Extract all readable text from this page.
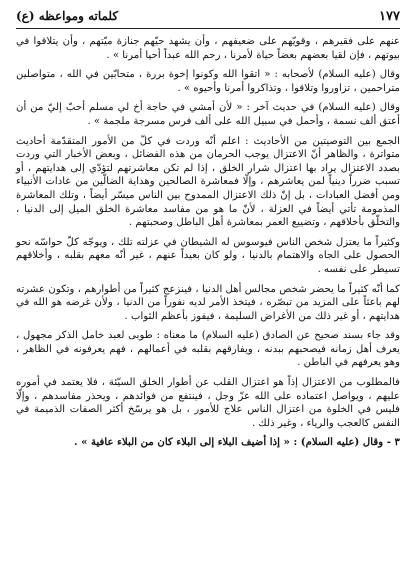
١٧٧
كلماته ومواعظه (ع)

عنهم على فقيرهم ، وقويّهم على ضعيفهم ، وأن يشهد حيّهم جنازة ميّتهم ، وأن يتلاقوا في بيوتهم ، فإن لقيا بعضهم بعضاً حياة لأمرنا ، رحم الله عبداً أحيا أمرنا » .

وقال (عليه السلام) لأصحابه : « اتقوا الله وكونوا إخوة بررة ، متحابّين في الله ، متواصلين متراحمين ، تزاوروا وتلاقوا ، وتذاكروا أمرنا وأحيوه » .

وقال (عليه السلام) في حديث آخر : « لأن أمشي في حاجة أخ لي مسلم أحبّ إليّ من أن أعتق ألف نسمة ، وأحمل في سبيل الله على ألف فرس مسرجة ملجمة » .

الجمع بين التوصيتين من الأحاديث : اعلم أنّه وردت في كلّ من الأمور المتقدّمة أحاديث متواترة ، والظاهر أنّ الاعتزال يوجب الحرمان من هذه الفضائل ، وبعض الأخبار التي وردت بصدد الاعتزال يراد بها اعتزال شرار الخلق ، إذا لم تكن معاشرتهم لتؤدّي إلى هدايتهم ، أو تسبب ضرراً دينياً لمن يعاشرهم ، وإلّا فمعاشرة الصالحين وهداية الضالّين من عادات الأنبياء ومن أفضل العبادات ، بل إنّ ذلك الاعتزال الممدوح بين الناس ميسّر أيضاً ، وتلك المعاشرة المذمومة تأتي أيضاً في العزلة ، لأنّ ما هو من مفاسد معاشرة الخلق الميل إلى الدنيا ، والتخلّق بأخلاقهم ، وتضييع العمر بمعاشرة أهل الباطل وصحبتهم .

وكثيراً ما يعتزل شخص الناس فيوسوس له الشيطان في عزلته تلك ، ويوجّه كلّ حواسّه نحو الحصول على الجاه والاهتمام بالدنيا ، ولو كان بعيداً عنهم ، غير أنّه معهم بقلبه ، وأخلاقهم تسيطر على نفسه .

كما أنّه كثيراً ما يحضر شخص مجالس أهل الدنيا ، فينزعج كثيراً من أطوارهم ، وتكون عشرته لهم باعثاً على المزيد من تبصّره ، فيتخذ الأمر لديه نفوراً من الدنيا ، ولأن غرضه هو الله في هدايتهم ، أو غير ذلك من الأغراض السليمة ، فيفوز بأعظم الثواب .

وقد جاء بسند صحيح عن الصادق (عليه السلام) ما معناه : طوبى لعبد خامل الذكر مجهول ، يعرف أهل زمانه فيصحبهم ببدنه ، ويفارقهم بقلبه في أعمالهم ، فهم يعرفونه في الظاهر ، وهو يعرفهم في الباطن .

فالمطلوب من الاعتزال إذاً هو اعتزال القلب عن أطوار الخلق السيّئة ، فلا يعتمد في أموره عليهم ، ويواصل اعتماده على الله عزّ وجل ، فينتفع من فوائدهم ، ويحذر مفاسدهم ، وإلّا فليس في الخلوة من اعتزال الناس علاج للأمور ، بل هو يرسّخ أكثر الصفات الذميمة في النفس كالعجب والرياء ، وغير ذلك .

٣ - وقال (عليه السلام) : « إذا أضيف البلاء إلى البلاء كان من البلاء عافية » .
